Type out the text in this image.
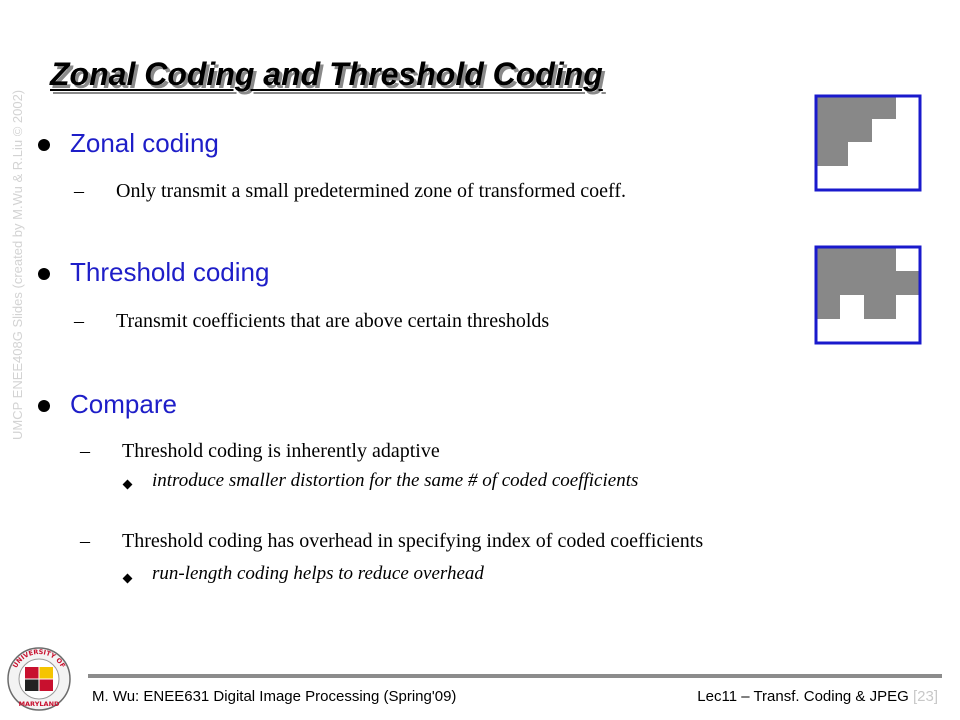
UMCP ENEE408G Slides (created by M.Wu & R.Liu © 2002)
Zonal Coding and Threshold Coding
Zonal coding
– Only transmit a small predetermined zone of transformed coeff.
Threshold coding
– Transmit coefficients that are above certain thresholds
Compare
– Threshold coding is inherently adaptive
introduce smaller distortion for the same # of coded coefficients
– Threshold coding has overhead in specifying index of coded coefficients
run-length coding helps to reduce overhead
UNIVERSITY OF
MARYLAND M. Wu: ENEE631 Digital Image Processing (Spring'09)	Lec11 – Transf. Coding & JPEG [23]
